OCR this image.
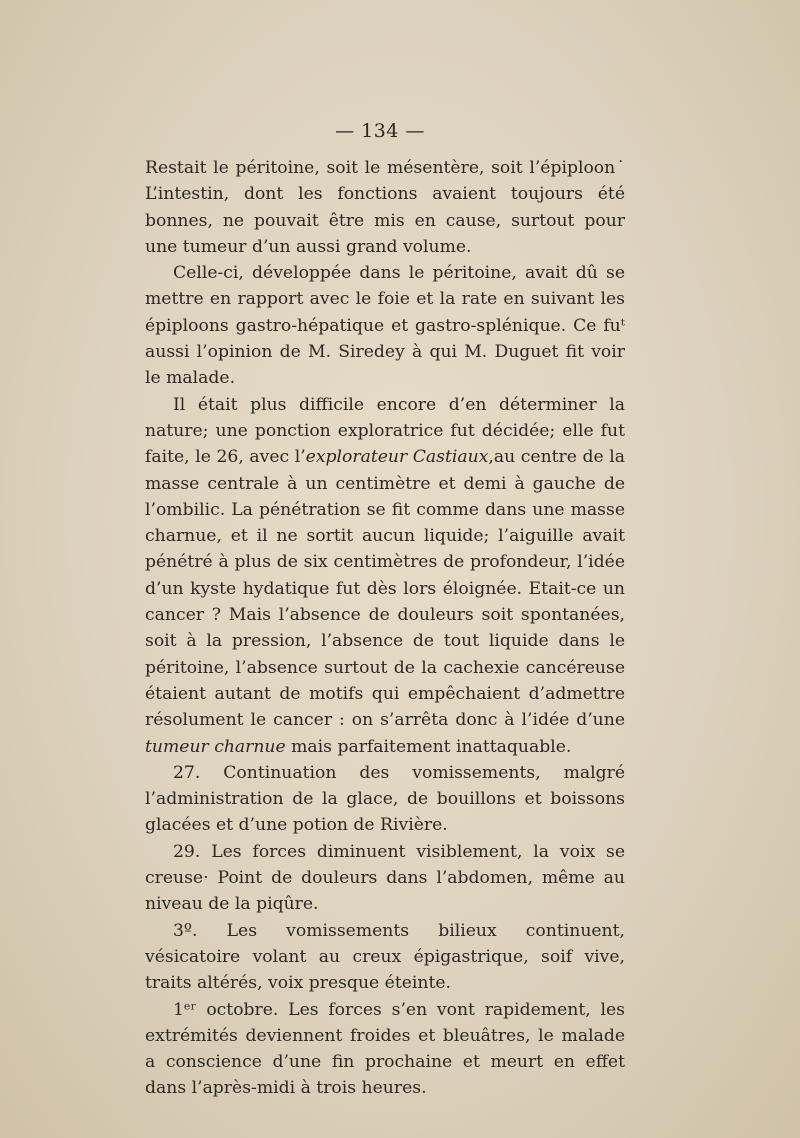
— 134 —

Restait le péritoine, soit le mésentère, soit l’épiploon˙ L’intestin, dont les fonctions avaient toujours été bonnes, ne pouvait être mis en cause, surtout pour une tumeur d’un aussi grand volume.

Celle-ci, développée dans le péritoine, avait dû se mettre en rapport avec le foie et la rate en suivant les épiploons gastro-hépatique et gastro-splénique. Ce fuᵗ aussi l’opinion de M. Siredey à qui M. Duguet fit voir le malade.

Il était plus difficile encore d’en déterminer la nature; une ponction exploratrice fut décidée; elle fut faite, le 26, avec l’explorateur Castiaux,au centre de la masse centrale à un centimètre et demi à gauche de l’ombilic. La pénétration se fit comme dans une masse charnue, et il ne sortit aucun liquide; l’aiguille avait pénétré à plus de six centimètres de profondeur, l’idée d’un kyste hydatique fut dès lors éloignée. Etait-ce un cancer ? Mais l’absence de douleurs soit spontanées, soit à la pression, l’absence de tout liquide dans le péritoine, l’absence surtout de la cachexie cancéreuse étaient autant de motifs qui empêchaient d’admettre résolument le cancer : on s’arrêta donc à l’idée d’une tumeur charnue mais parfaitement inattaquable.

27. Continuation des vomissements, malgré l’administration de la glace, de bouillons et boissons glacées et d’une potion de Rivière.

29. Les forces diminuent visiblement, la voix se creuse· Point de douleurs dans l’abdomen, même au niveau de la piqûre.

3º. Les vomissements bilieux continuent, vésicatoire volant au creux épigastrique, soif vive, traits altérés, voix presque éteinte.

1ᵉʳ octobre. Les forces s’en vont rapidement, les extrémités deviennent froides et bleuâtres, le malade a conscience d’une fin prochaine et meurt en effet dans l’après-midi à trois heures.
